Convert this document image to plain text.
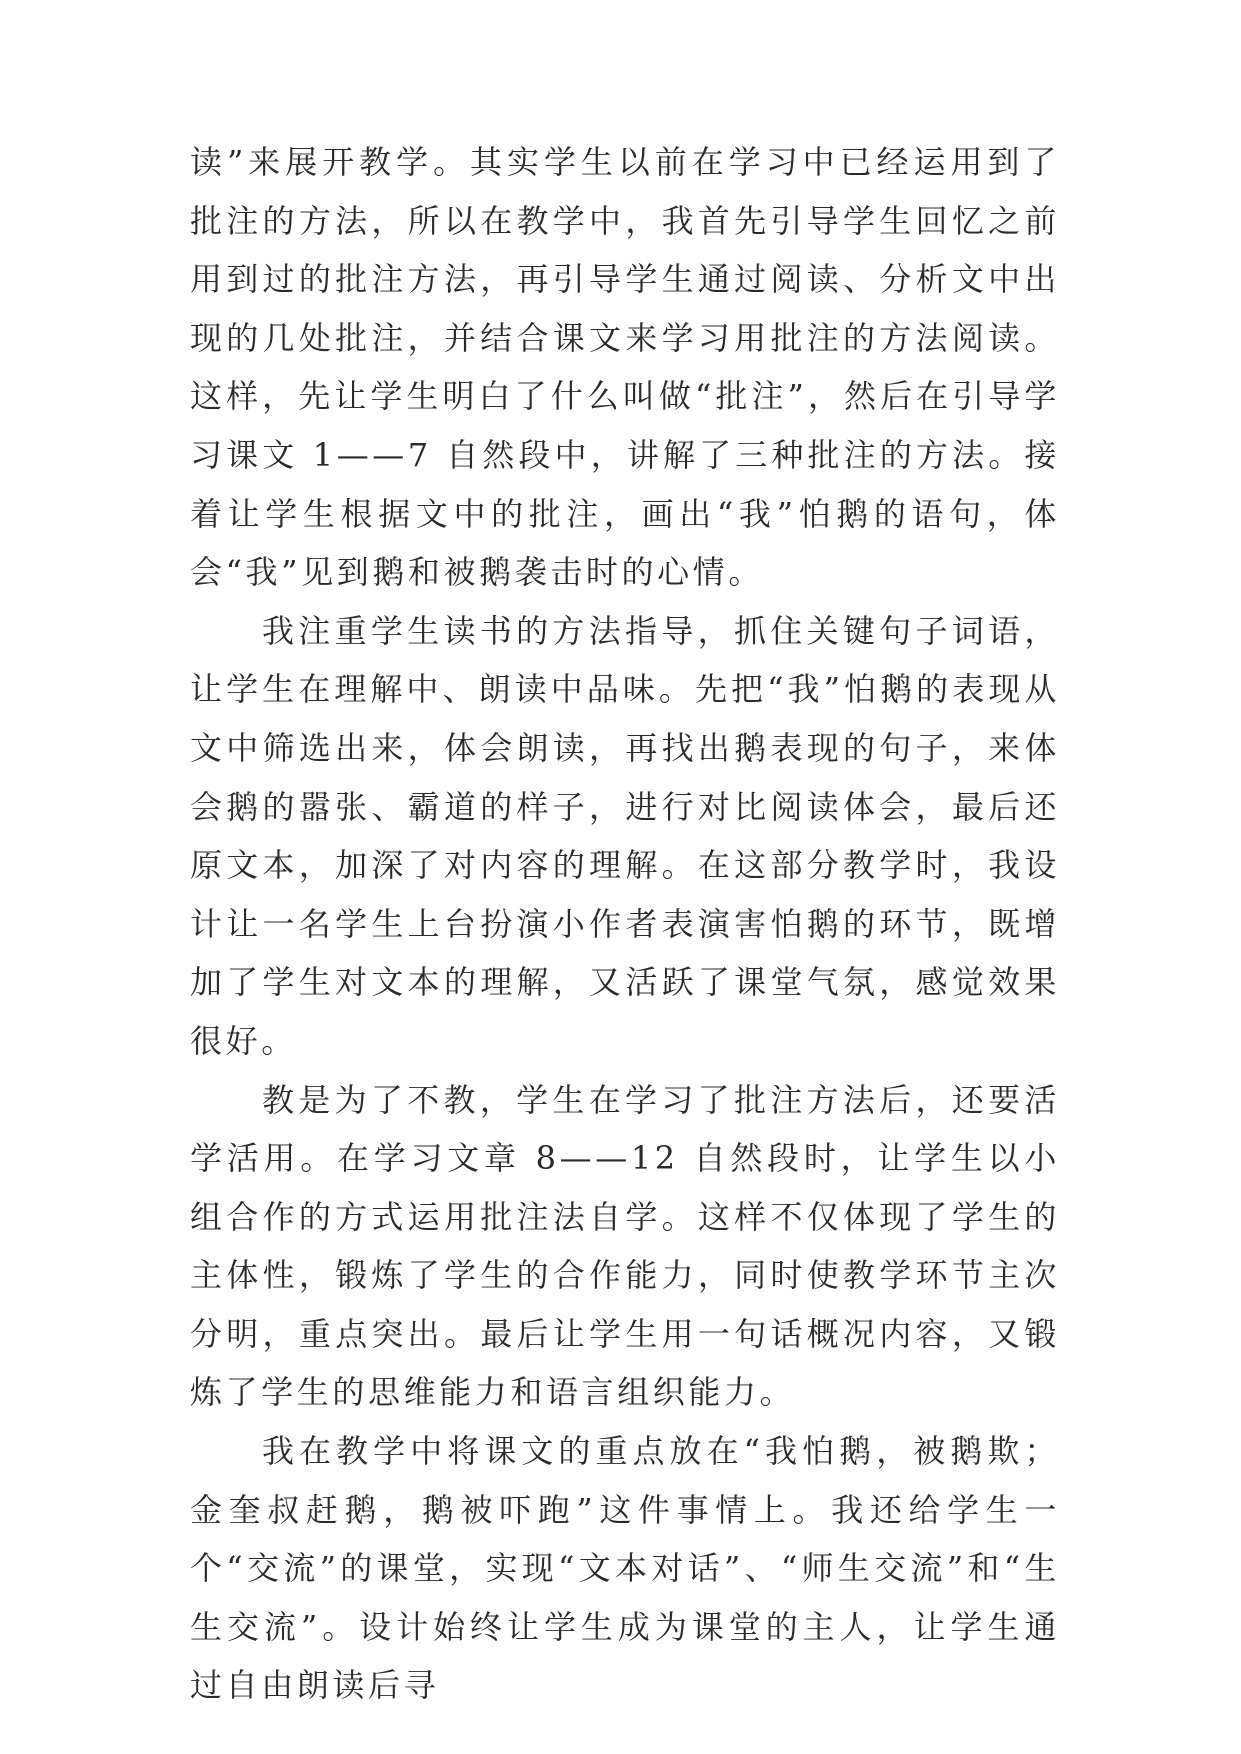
读”来展开教学。其实学生以前在学习中已经运用到了批注的方法，所以在教学中，我首先引导学生回忆之前用到过的批注方法，再引导学生通过阅读、分析文中出现的几处批注，并结合课文来学习用批注的方法阅读。这样，先让学生明白了什么叫做“批注”，然后在引导学习课文 1——7 自然段中，讲解了三种批注的方法。接着让学生根据文中的批注，画出“我”怕鹅的语句，体会“我”见到鹅和被鹅袭击时的心情。

我注重学生读书的方法指导，抓住关键句子词语，让学生在理解中、朗读中品味。先把“我”怕鹅的表现从文中筛选出来，体会朗读，再找出鹅表现的句子，来体会鹅的嚣张、霸道的样子，进行对比阅读体会，最后还原文本，加深了对内容的理解。在这部分教学时，我设计让一名学生上台扮演小作者表演害怕鹅的环节，既增加了学生对文本的理解，又活跃了课堂气氛，感觉效果很好。

教是为了不教，学生在学习了批注方法后，还要活学活用。在学习文章 8——12 自然段时，让学生以小组合作的方式运用批注法自学。这样不仅体现了学生的主体性，锻炼了学生的合作能力，同时使教学环节主次分明，重点突出。最后让学生用一句话概况内容，又锻炼了学生的思维能力和语言组织能力。

我在教学中将课文的重点放在“我怕鹅，被鹅欺；金奎叔赶鹅，鹅被吓跑”这件事情上。我还给学生一个“交流”的课堂，实现“文本对话”、“师生交流”和“生生交流”。设计始终让学生成为课堂的主人，让学生通过自由朗读后寻
